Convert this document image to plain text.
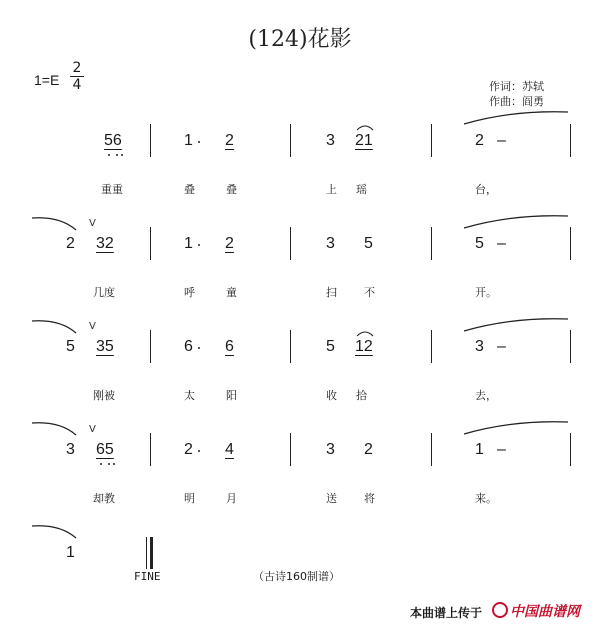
(124)花影
1=E
2
4	作词：苏轼
作曲：阎勇
56	1 2	3 21	2 –
重重	叠	叠	上 瑶	台，
V
2 32	1 2	3 5	5 –
几度	呼	童	扫 不	开。
V
5 35	6 6	5 12	3 –
刚被	太	阳	收 拾	去，
V
3 65	2 4	3 2	1 –
却教	明	月	送 将	来。
1
FINE	（古诗160制谱）
本曲谱上传于	中国曲谱网
